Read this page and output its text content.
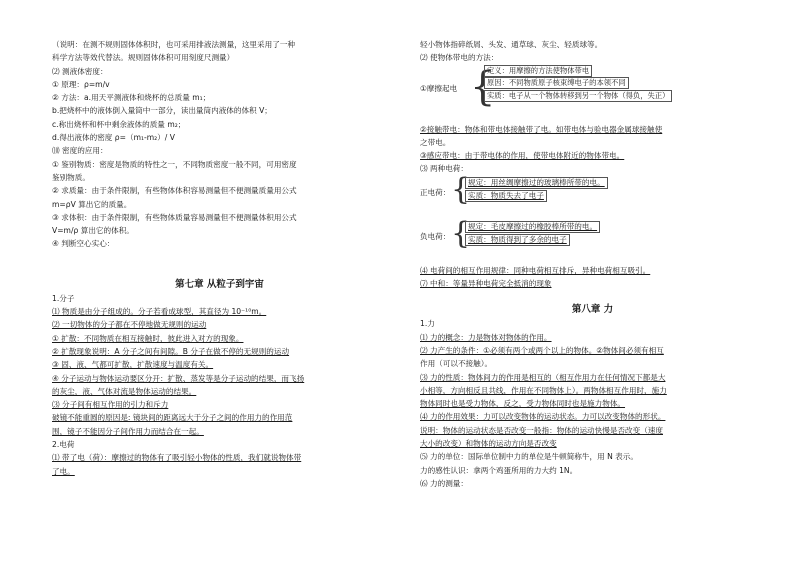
（说明：在测不规则固体体积时，也可采用排液法测量，这里采用了一种
科学方法等效代替法。规则固体体积可用刻度尺测量）
⑵ 测液体密度：
① 原理：ρ=m/v
② 方法：a.用天平测液体和烧杯的总质量 m₁；
b.把烧杯中的液体倒入量筒中一部分，读出量筒内液体的体积 V；
c.称出烧杯和杯中剩余液体的质量 m₂；
d.得出液体的密度 ρ=（m₁-m₂）/ V
⑽ 密度的应用：
① 鉴别物质：密度是物质的特性之一，不同物质密度一般不同，可用密度
鉴别物质。
② 求质量：由于条件限制，有些物体体积容易测量但不便测量质量用公式
m=ρV 算出它的质量。
③ 求体积：由于条件限制，有些物体质量容易测量但不便测量体积用公式
V=m/ρ 算出它的体积。
④ 判断空心实心：
第七章 从粒子到宇宙
1.分子
⑴ 物质是由分子组成的。分子若看成球型，其直径为 10⁻¹⁰m。
⑵ 一切物体的分子都在不停地做无规则的运动
① 扩散：不同物质在相互接触时，彼此进入对方的现象。
② 扩散现象说明：A 分子之间有间隙。B 分子在做不停的无规则的运动
③ 固、液、气都可扩散，扩散速度与温度有关。
④ 分子运动与物体运动要区分开：扩散、蒸发等是分子运动的结果，而飞扬
的灰尘，液、气体对流是物体运动的结果。
⑶ 分子间有相互作用的引力和斥力
破镜不能重圆的原因是: 镜块间的距离远大于分子之间的作用力的作用范
围，镜子不能因分子间作用力而结合在一起。
2.电荷
⑴ 带了电（荷）：摩擦过的物体有了吸引轻小物体的性质，我们就说物体带
了电。
轻小物体指碎纸屑、头发、通草球、灰尘、轻质球等。
⑵ 使物体带电的方法：
①摩擦起电 {
定义：用摩擦的方法使物体带电
原因：不同物质原子核束缚电子的本领不同
实质：电子从一个物体转移到另一个物体（得负，失正）
②接触带电：物体和带电体接触带了电。如带电体与验电器金属球接触使
之带电。
③感应带电：由于带电体的作用，使带电体附近的物体带电。
⑶ 两种电荷：
正电荷： {
规定：用丝绸摩擦过的玻璃棒所带的电。
实质：物质失去了电子
负电荷： {
规定：毛皮摩擦过的橡胶棒所带的电。
实质：物质得到了多余的电子
⑷ 电荷间的相互作用规律：同种电荷相互排斥，异种电荷相互吸引。
⑺ 中和：等量异种电荷完全抵消的现象
第八章 力
1.力
⑴ 力的概念：力是物体对物体的作用。
⑵ 力产生的条件：①必须有两个或两个以上的物体。②物体间必须有相互
作用（可以不接触）。
⑶ 力的性质：物体间力的作用是相互的（相互作用力在任何情况下都是大
小相等，方向相反且共线，作用在不同物体上）。两物体相互作用时，施力
物体同时也是受力物体，反之，受力物体同时也是施力物体。
⑷ 力的作用效果：力可以改变物体的运动状态。力可以改变物体的形状。
说明：物体的运动状态是否改变一般指：物体的运动快慢是否改变（速度
大小的改变）和物体的运动方向是否改变
⑸ 力的单位：国际单位制中力的单位是牛顿简称牛，用 N 表示。
力的感性认识：拿两个鸡蛋所用的力大约 1N。
⑹ 力的测量：
